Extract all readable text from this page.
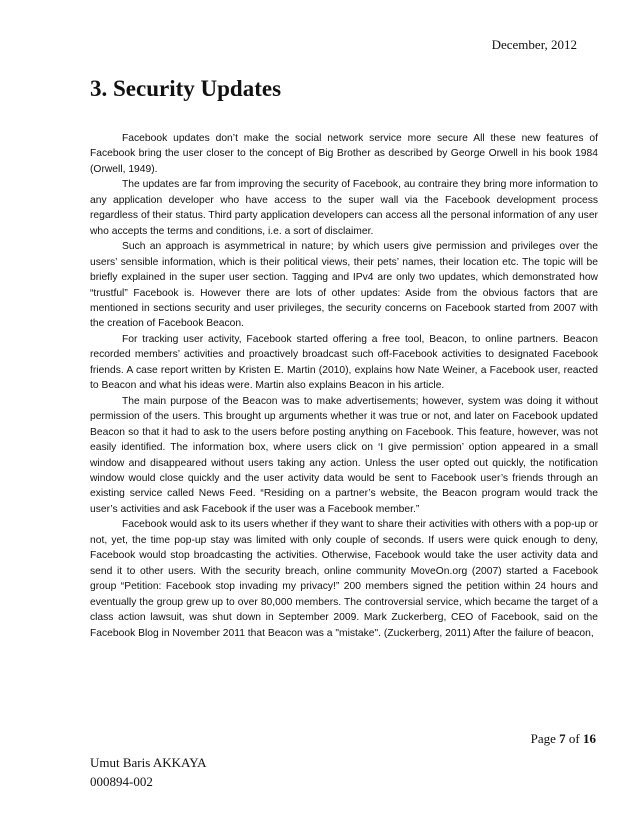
December, 2012
3. Security Updates

Facebook updates don’t make the social network service more secure All these new features of Facebook bring the user closer to the concept of Big Brother as described by George Orwell in his book 1984 (Orwell, 1949).

The updates are far from improving the security of Facebook, au contraire they bring more information to any application developer who have access to the super wall via the Facebook development process regardless of their status. Third party application developers can access all the personal information of any user who accepts the terms and conditions, i.e. a sort of disclaimer.

Such an approach is asymmetrical in nature; by which users give permission and privileges over the users’ sensible information, which is their political views, their pets’ names, their location etc. The topic will be briefly explained in the super user section. Tagging and IPv4 are only two updates, which demonstrated how “trustful” Facebook is. However there are lots of other updates: Aside from the obvious factors that are mentioned in sections security and user privileges, the security concerns on Facebook started from 2007 with the creation of Facebook Beacon.

For tracking user activity, Facebook started offering a free tool, Beacon, to online partners. Beacon recorded members’ activities and proactively broadcast such off-Facebook activities to designated Facebook friends. A case report written by Kristen E. Martin (2010), explains how Nate Weiner, a Facebook user, reacted to Beacon and what his ideas were. Martin also explains Beacon in his article.

The main purpose of the Beacon was to make advertisements; however, system was doing it without permission of the users. This brought up arguments whether it was true or not, and later on Facebook updated Beacon so that it had to ask to the users before posting anything on Facebook. This feature, however, was not easily identified. The information box, where users click on ‘I give permission’ option appeared in a small window and disappeared without users taking any action. Unless the user opted out quickly, the notification window would close quickly and the user activity data would be sent to Facebook user’s friends through an existing service called News Feed. “Residing on a partner’s website, the Beacon program would track the user’s activities and ask Facebook if the user was a Facebook member.”

Facebook would ask to its users whether if they want to share their activities with others with a pop-up or not, yet, the time pop-up stay was limited with only couple of seconds. If users were quick enough to deny, Facebook would stop broadcasting the activities. Otherwise, Facebook would take the user activity data and send it to other users. With the security breach, online community MoveOn.org (2007) started a Facebook group “Petition: Facebook stop invading my privacy!” 200 members signed the petition within 24 hours and eventually the group grew up to over 80,000 members. The controversial service, which became the target of a class action lawsuit, was shut down in September 2009. Mark Zuckerberg, CEO of Facebook, said on the Facebook Blog in November 2011 that Beacon was a "mistake". (Zuckerberg, 2011) After the failure of beacon,

Page 7 of 16
Umut Baris AKKAYA
000894-002
